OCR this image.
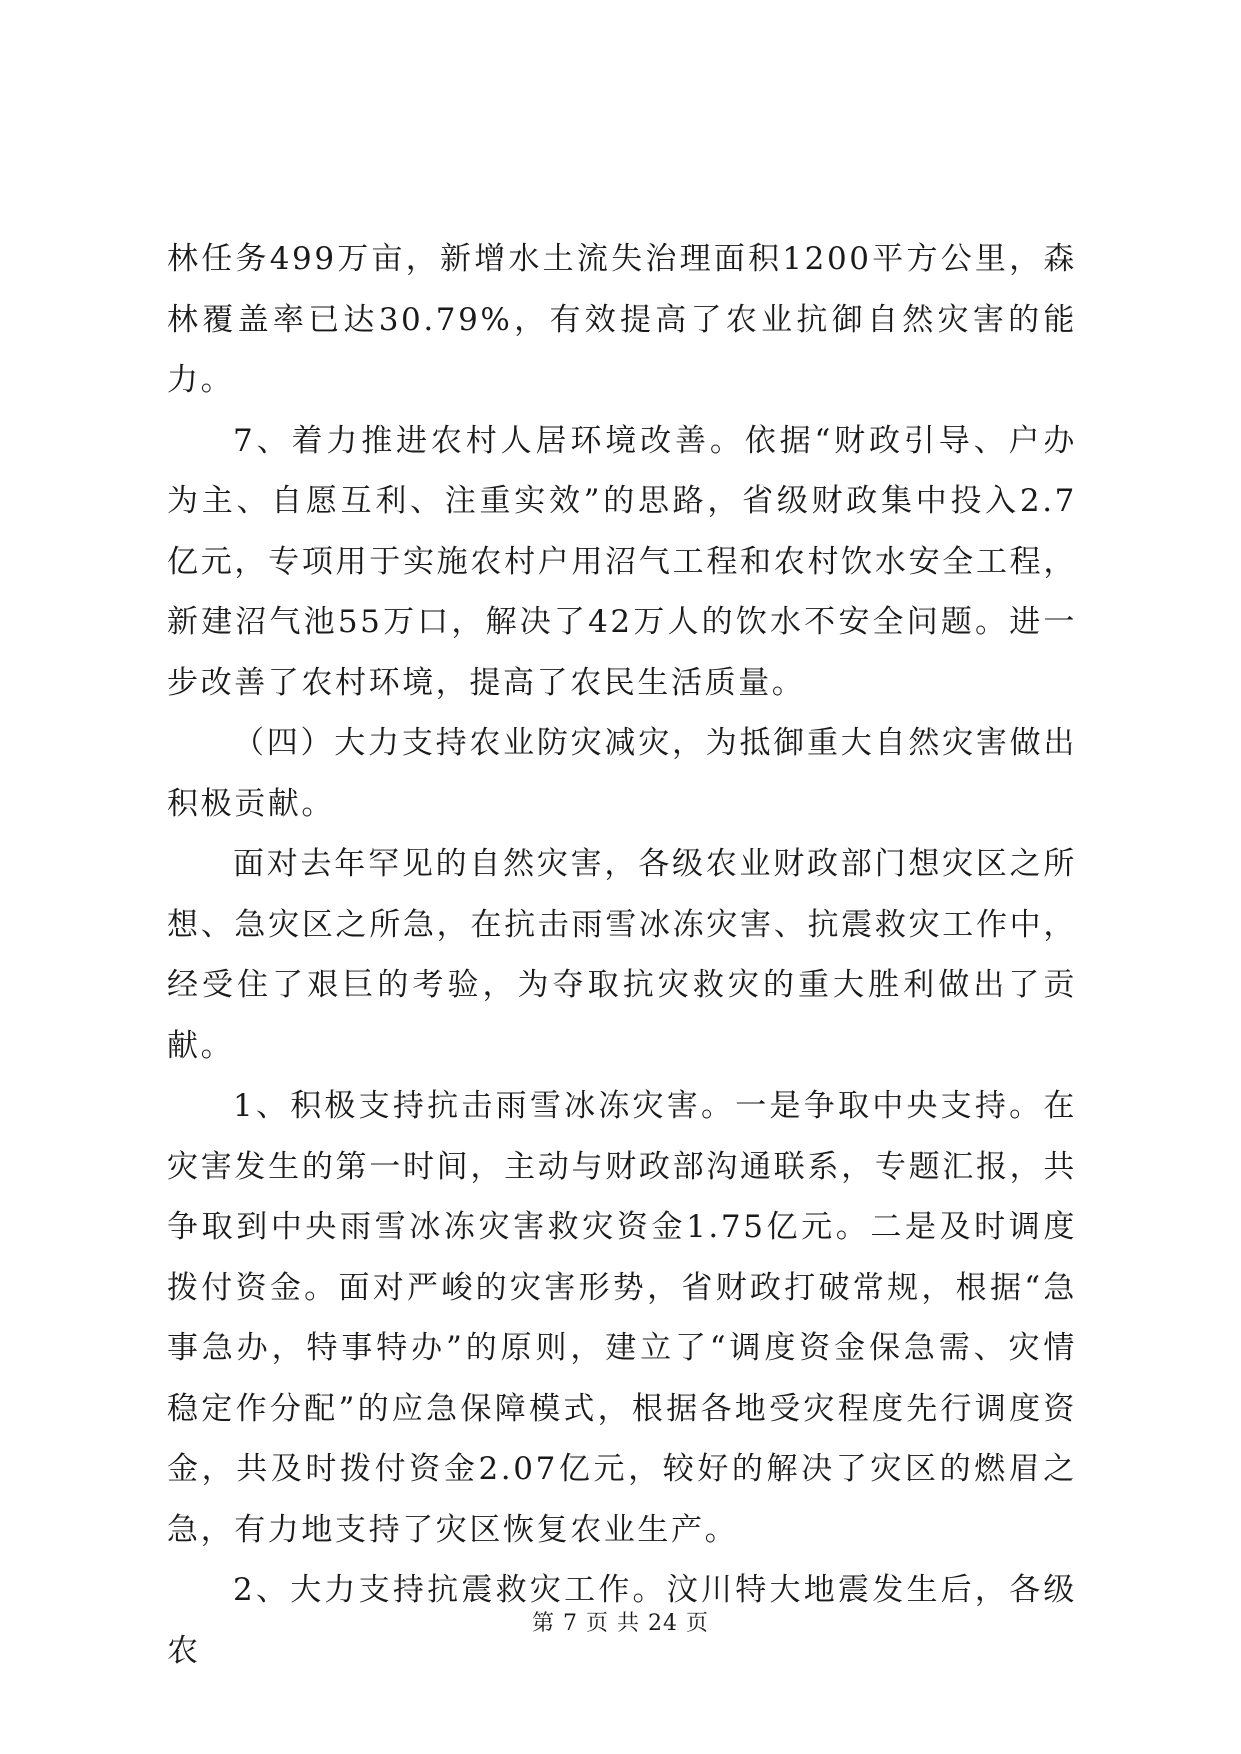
林任务499万亩，新增水土流失治理面积1200平方公里，森林覆盖率已达30.79%，有效提高了农业抗御自然灾害的能力。

7、着力推进农村人居环境改善。依据“财政引导、户办为主、自愿互利、注重实效”的思路，省级财政集中投入2.7亿元，专项用于实施农村户用沼气工程和农村饮水安全工程，新建沼气池55万口，解决了42万人的饮水不安全问题。进一步改善了农村环境，提高了农民生活质量。

（四）大力支持农业防灾减灾，为抵御重大自然灾害做出积极贡献。

面对去年罕见的自然灾害，各级农业财政部门想灾区之所想、急灾区之所急，在抗击雨雪冰冻灾害、抗震救灾工作中，经受住了艰巨的考验，为夺取抗灾救灾的重大胜利做出了贡献。

1、积极支持抗击雨雪冰冻灾害。一是争取中央支持。在灾害发生的第一时间，主动与财政部沟通联系，专题汇报，共争取到中央雨雪冰冻灾害救灾资金1.75亿元。二是及时调度拨付资金。面对严峻的灾害形势，省财政打破常规，根据“急事急办，特事特办”的原则，建立了“调度资金保急需、灾情稳定作分配”的应急保障模式，根据各地受灾程度先行调度资金，共及时拨付资金2.07亿元，较好的解决了灾区的燃眉之急，有力地支持了灾区恢复农业生产。

2、大力支持抗震救灾工作。汶川特大地震发生后，各级农

第 7 页 共 24 页
